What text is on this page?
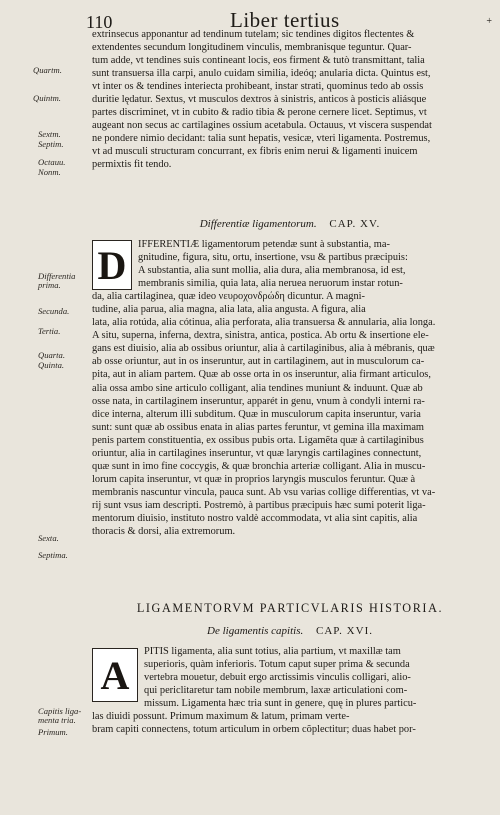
110	Liber tertius	+
Quartm.
Quintm.
Sextm.
Septim.
Octauu.
Nonm.
Differentia prima.
Secunda.
Tertia.
Quarta.
Quinta.
Sexta.
Septima.
Capitis liga-menta tria.
Primum.
extrinsecus apponantur ad tendinum tutelam; sic tendines digitos flectentes &
extendentes secundum longitudinem vinculis, membranisque teguntur. Quar-
tum adde, vt tendines suis contineant locis, eos firment & tutò transmittant, talia
sunt transuersa illa carpi, anulo cuidam similia, ideóq; anularia dicta. Quintus est,
vt inter os & tendines interiecta prohibeant, instar strati, quominus tedo ab ossis
duritie lędatur. Sextus, vt musculos dextros à sinistris, anticos à posticis aliásque
partes discriminet, vt in cubito & radio tibia & perone cernere licet. Septimus, vt
augeant non secus ac cartilagines ossium acetabula. Octauus, vt viscera suspendat
ne pondere nimio decidant: talia sunt hepatis, vesicæ, vteri ligamenta. Postremus,
vt ad musculi structuram concurrant, ex fibris enim nerui & ligamenti inuicem
permixtis fit tendo.
Differentiæ ligamentorum. CAP. XV.
D	IFFERENTIÆ ligamentorum petendæ sunt à substantia, ma-
gnitudine, figura, situ, ortu, insertione, vsu & partibus præcipuis:
A substantia, alia sunt mollia, alia dura, alia membranosa, id est,
membranis similia, quia lata, alia neruea neruorum instar rotun-
da, alia cartilaginea, quæ ideo νευροχονδρώδη dicuntur. A magni-
tudine, alia parua, alia magna, alia lata, alia angusta. A figura, alia
lata, alia rotúda, alia cótinua, alia perforata, alia transuersa & annularia, alia longa.
A situ, superna, inferna, dextra, sinistra, antica, postica. Ab ortu & insertione ele-
gans est diuisio, alia ab ossibus oriuntur, alia à cartilaginibus, alia à mébranis, quæ
ab osse oriuntur, aut in os inseruntur, aut in cartilaginem, aut in musculorum ca-
pita, aut in aliam partem. Quæ ab osse orta in os inseruntur, alia firmant articulos,
alia ossa ambo sine articulo colligant, alia tendines muniunt & induunt. Quæ ab
osse nata, in cartilaginem inseruntur, apparét in genu, vnum à condyli interni ra-
dice interna, alterum illi subditum. Quæ in musculorum capita inseruntur, varia
sunt: sunt quæ ab ossibus enata in alias partes feruntur, vt gemina illa maximam
penis partem constituentia, ex ossibus pubis orta. Ligamẽta quæ à cartilaginibus
oriuntur, alia in cartilagines inseruntur, vt quæ laryngis cartilagines connectunt,
quæ sunt in imo fine coccygis, & quæ bronchia arteriæ colligant. Alia in muscu-
lorum capita inseruntur, vt quæ in proprios laryngis musculos feruntur. Quæ à
membranis nascuntur vincula, pauca sunt. Ab vsu varias collige differentias, vt va-
rij sunt vsus iam descripti. Postremò, à partibus præcipuis hæc sumi poterit liga-
mentorum diuisio, instituto nostro valdè accommodata, vt alia sint capitis, alia
thoracis & dorsi, alia extremorum.
LIGAMENTORVM PARTICVLARIS HISTORIA.
De ligamentis capitis. CAP. XVI.
A
PITIS ligamenta, alia sunt totius, alia partium, vt maxillæ tam
superioris, quàm inferioris. Totum caput super prima & secunda
vertebra mouetur, debuit ergo arctissimis vinculis colligari, alio-
qui periclitaretur tam nobile membrum, laxæ articulationi com-
missum. Ligamenta hæc tria sunt in genere, quę in plures particu-
las diuidi possunt. Primum maximum & latum, primam verte-
bram capiti connectens, totum articulum in orbem cõplectitur; duas habet por-
